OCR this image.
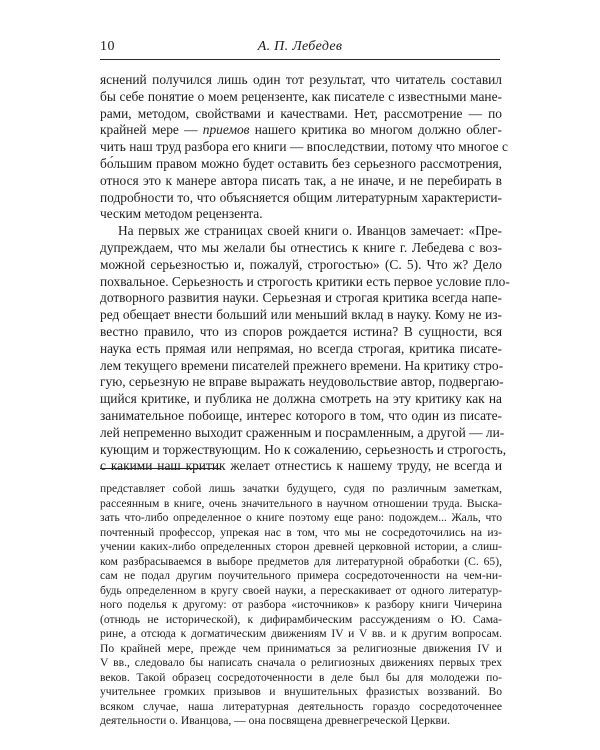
10	А. П. Лебедев
яснений получился лишь один тот результат, что читатель составил
бы себе понятие о моем рецензенте, как писателе с известными мане-
рами, методом, свойствами и качествами. Нет, рассмотрение — по
крайней мере — приемов нашего критика во многом должно облег-
чить наш труд разбора его книги — впоследствии, потому что многое с
бо́льшим правом можно будет оставить без серьезного рассмотрения,
относя это к манере автора писать так, а не иначе, и не перебирать в
подробности то, что объясняется общим литературным характеристи-
ческим методом рецензента.
На первых же страницах своей книги о. Иванцов замечает: «Пре-
дупреждаем, что мы желали бы отнестись к книге г. Лебедева с воз-
можной серьезностью и, пожалуй, строгостью» (С. 5). Что ж? Дело
похвальное. Серьезность и строгость критики есть первое условие пло-
дотворного развития науки. Серьезная и строгая критика всегда напе-
ред обещает внести больший или меньший вклад в науку. Кому не из-
вестно правило, что из споров рождается истина? В сущности, вся
наука есть прямая или непрямая, но всегда строгая, критика писате-
лем текущего времени писателей прежнего времени. На критику стро-
гую, серьезную не вправе выражать неудовольствие автор, подвергаю-
щийся критике, и публика не должна смотреть на эту критику как на
занимательное побоище, интерес которого в том, что один из писате-
лей непременно выходит сраженным и посрамленным, а другой — ли-
кующим и торжествующим. Но к сожалению, серьезность и строгость,
с какими наш критик желает отнестись к нашему труду, не всегда и
представляет собой лишь зачатки будущего, судя по различным заметкам,
рассеянным в книге, очень значительного в научном отношении труда. Выска-
зать что-либо определенное о книге поэтому еще рано: подождем... Жаль, что
почтенный профессор, упрекая нас в том, что мы не сосредоточились на из-
учении каких-либо определенных сторон древней церковной истории, а слиш-
ком разбрасываемся в выборе предметов для литературной обработки (С. 65),
сам не подал другим поучительного примера сосредоточенности на чем-ни-
будь определенном в кругу своей науки, а перескакивает от одного литератур-
ного поделья к другому: от разбора «источников» к разбору книги Чичерина
(отнюдь не исторической), к дифирамбическим рассуждениям о Ю. Сама-
рине, а отсюда к догматическим движениям IV и V вв. и к другим вопросам.
По крайней мере, прежде чем приниматься за религиозные движения IV и
V вв., следовало бы написать сначала о религиозных движениях первых трех
веков. Такой образец сосредоточенности в деле был бы для молодежи по-
учительнее громких призывов и внушительных фразистых воззваний. Во
всяком случае, наша литературная деятельность гораздо сосредоточеннее
деятельности о. Иванцова, — она посвящена древнегреческой Церкви.
